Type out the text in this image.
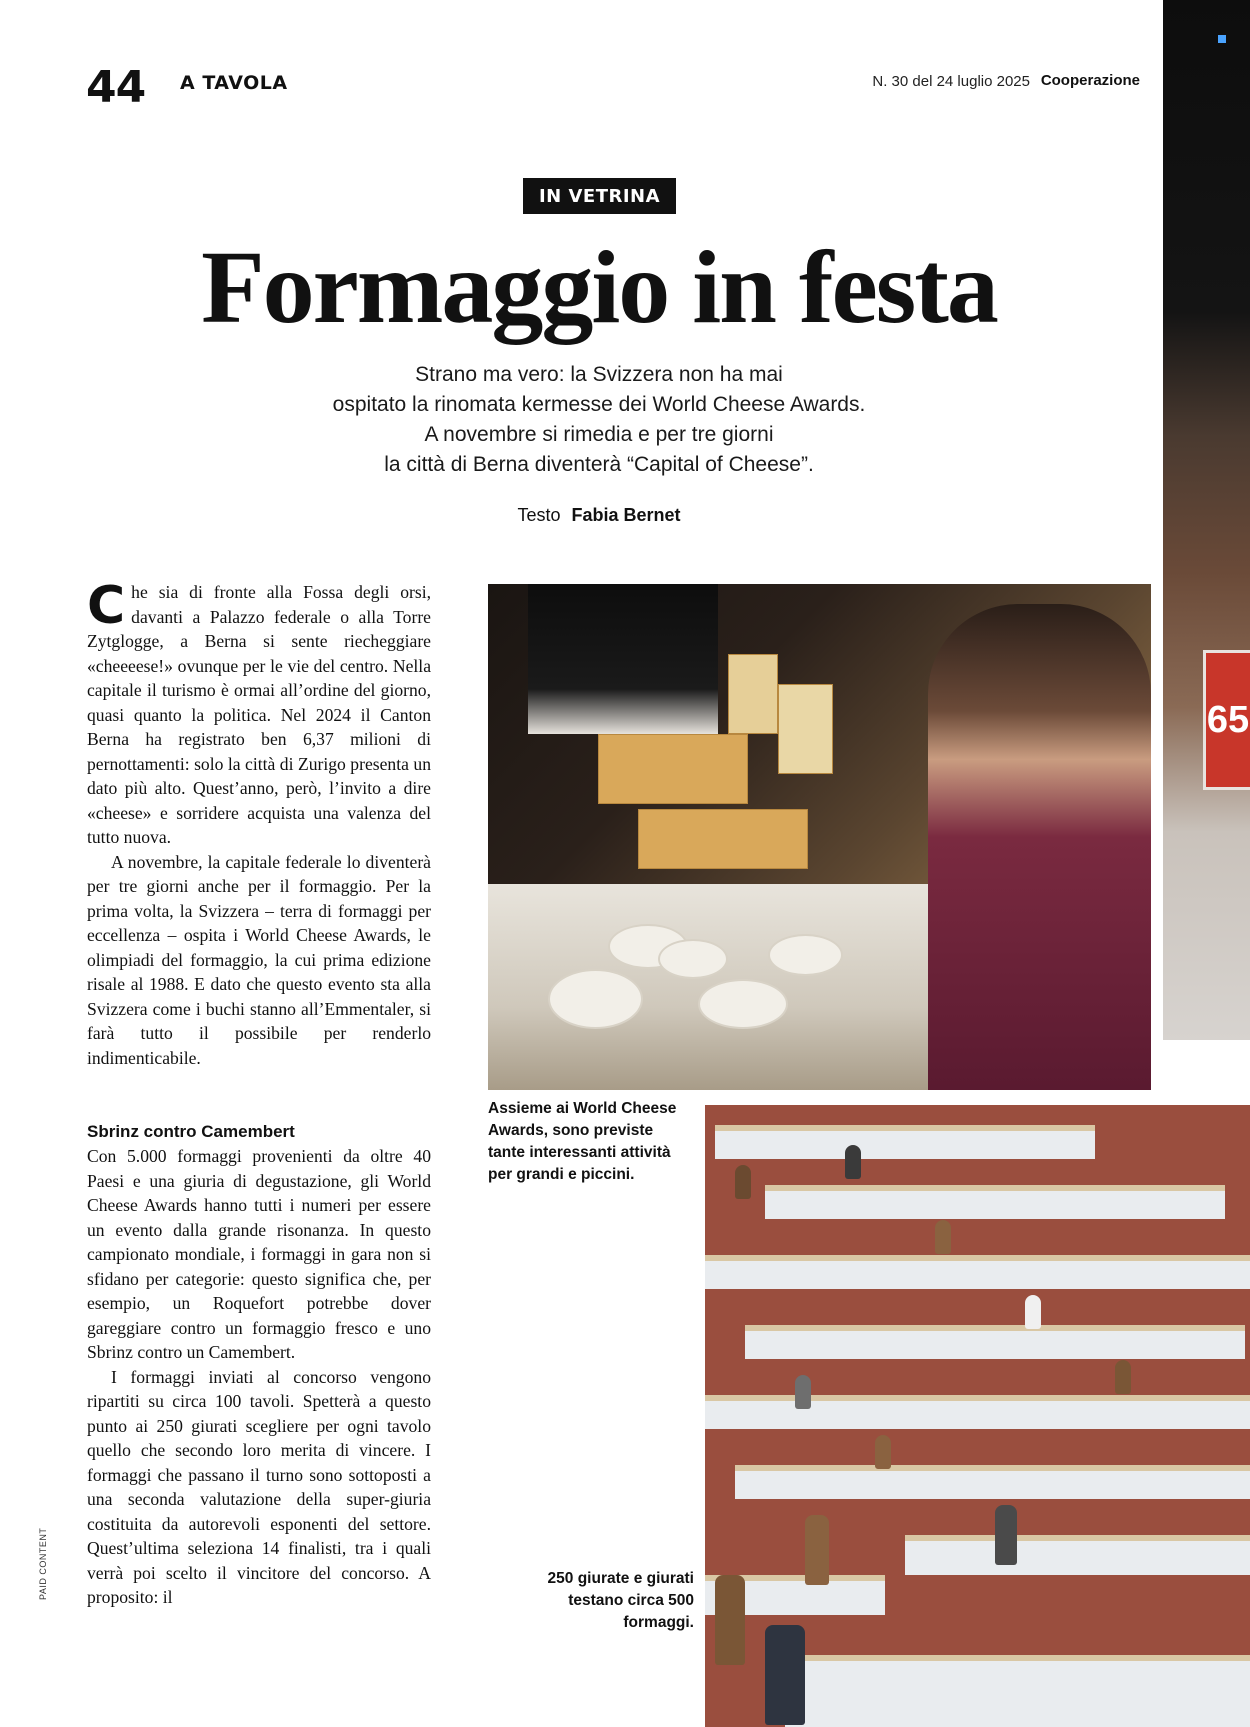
65
44 A TAVOLA	N. 30 del 24 luglio 2025 Cooperazione
IN VETRINA
Formaggio in festa
Strano ma vero: la Svizzera non ha mai
ospitato la rinomata kermesse dei World Cheese Awards.
A novembre si rimedia e per tre giorni
la città di Berna diventerà “Capital of Cheese”.
Testo Fabia Bernet

Che sia di fronte alla Fossa degli orsi, davanti a Palazzo federale o alla Torre Zytglogge, a Berna si sente riecheggiare «cheeeese!» ovunque per le vie del centro. Nella capitale il turismo è ormai all’ordine del giorno, quasi quanto la politica. Nel 2024 il Canton Berna ha registrato ben 6,37 milioni di pernottamenti: solo la città di Zurigo presenta un dato più alto. Quest’anno, però, l’invito a dire «cheese» e sorridere acquista una valenza del tutto nuova.

A novembre, la capitale federale lo diventerà per tre giorni anche per il formaggio. Per la prima volta, la Svizzera – terra di formaggi per eccellenza – ospita i World Cheese Awards, le olimpiadi del formaggio, la cui prima edizione risale al 1988. E dato che questo evento sta alla Svizzera come i buchi stanno all’Emmentaler, si farà tutto il possibile per renderlo indimenticabile.

Sbrinz contro Camembert

Con 5.000 formaggi provenienti da oltre 40 Paesi e una giuria di degustazione, gli World Cheese Awards hanno tutti i numeri per essere un evento dalla grande risonanza. In questo campionato mondiale, i formaggi in gara non si sfidano per categorie: questo significa che, per esempio, un Roquefort potrebbe dover gareggiare contro un formaggio fresco e uno Sbrinz contro un Camembert.

I formaggi inviati al concorso vengono ripartiti su circa 100 tavoli. Spetterà a questo punto ai 250 giurati scegliere per ogni tavolo quello che secondo loro merita di vincere. I formaggi che passano il turno sono sottoposti a una seconda valutazione della super-giuria costituita da autorevoli esponenti del settore. Quest’ultima seleziona 14 finalisti, tra i quali verrà poi scelto il vincitore del concorso. A proposito: il

Assieme ai World Cheese Awards, sono previste tante interessanti attività per grandi e piccini.
250 giurate e giurati testano circa 500 formaggi.
PAID CONTENT
